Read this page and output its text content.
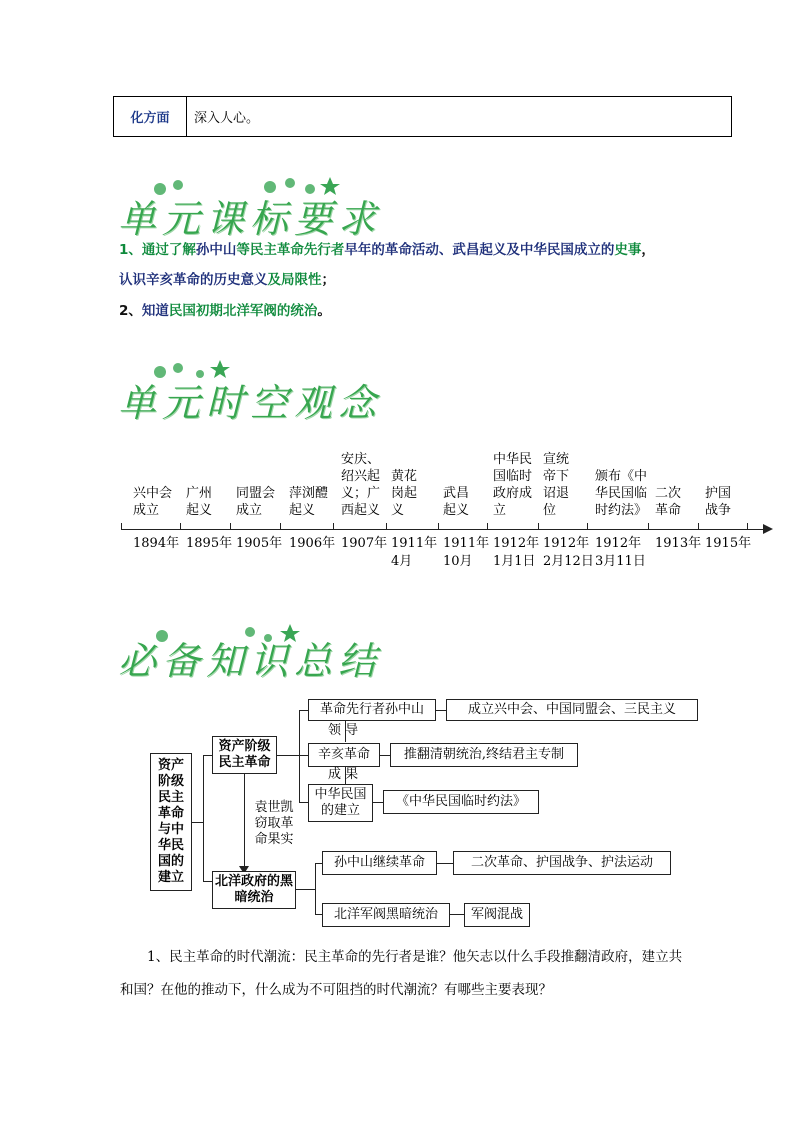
化方面	深入人心。
单元课标要求
1、通过了解孙中山等民主革命先行者早年的革命活动、武昌起义及中华民国成立的史事，
认识辛亥革命的历史意义及局限性；
2、知道民国初期北洋军阀的统治。
单元时空观念
兴中会成立
1894年
广州起义
1895年
同盟会成立
1905年
萍浏醴起义
1906年
安庆、绍兴起义；广西起义
1907年
黄花岗起义
1911年
4月
武昌起义
1911年
10月
中华民国临时政府成立
1912年
1月1日
宣统帝下诏退位
1912年
2月12日
颁布《中华民国临时约法》
1912年
3月11日
二次革命
1913年
护国战争
1915年
必备知识总结
资产阶级民主革命与中华民国的建立
资产阶级民主革命
革命先行者孙中山	成立兴中会、中国同盟会、三民主义
领 导
辛亥革命	推翻清朝统治,终结君主专制
成 果
中华民国的建立
《中华民国临时约法》
袁世凯窃取革命果实
北洋政府的黑暗统治
孙中山继续革命	二次革命、护国战争、护法运动
北洋军阀黑暗统治	军阀混战
1、民主革命的时代潮流：民主革命的先行者是谁？他矢志以什么手段推翻清政府，建立共和国？在他的推动下，什么成为不可阻挡的时代潮流？有哪些主要表现？
